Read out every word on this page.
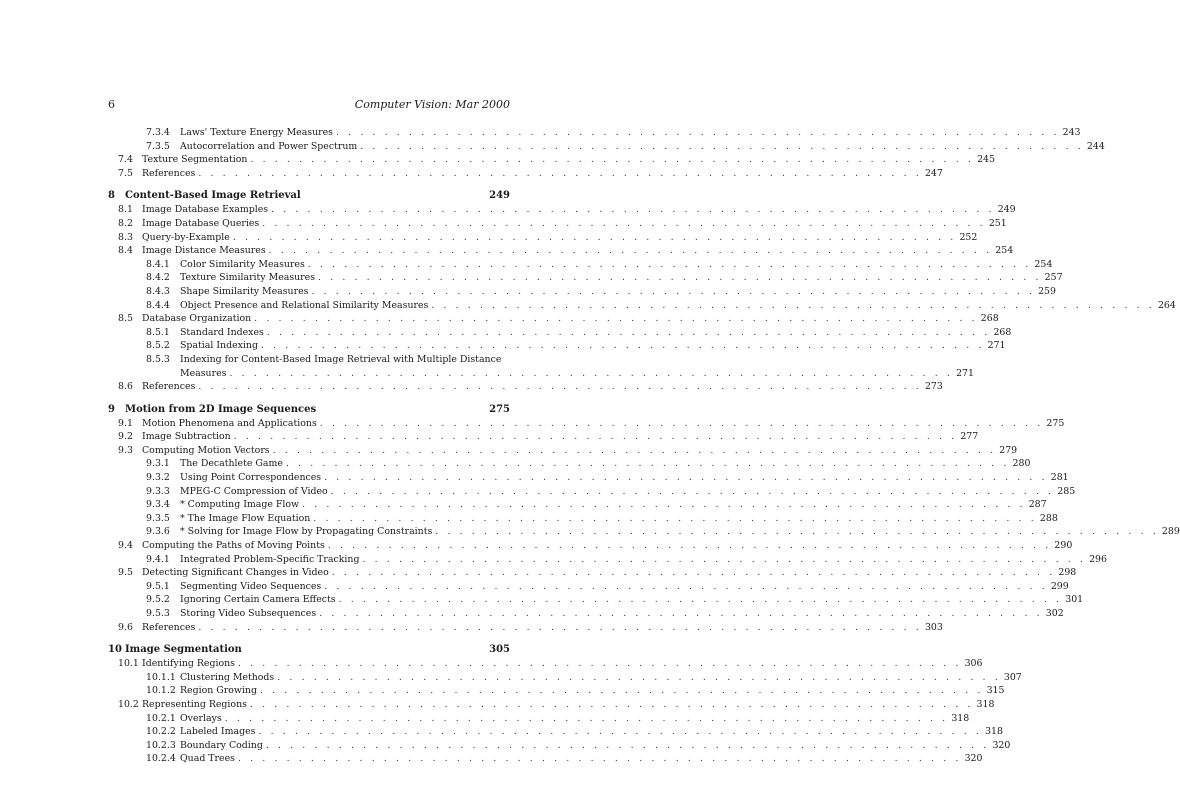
6	Computer Vision: Mar 2000
7.3.4	Laws' Texture Energy Measures . . . . . . . . . . . . . . . . . . . . . . . . . . . . . . . . . . . . . . . . . . . . . . . . . . . . . . . . . . . . 243
7.3.5	Autocorrelation and Power Spectrum . . . . . . . . . . . . . . . . . . . . . . . . . . . . . . . . . . . . . . . . . . . . . . . . . . . . . . . . . . . . 244
7.4 Texture Segmentation . . . . . . . . . . . . . . . . . . . . . . . . . . . . . . . . . . . . . . . . . . . . . . . . . . . . . . . . . . . . 245
7.5 References . . . . . . . . . . . . . . . . . . . . . . . . . . . . . . . . . . . . . . . . . . . . . . . . . . . . . . . . . . . . 247
8	Content-Based Image Retrieval	249
8.1 Image Database Examples . . . . . . . . . . . . . . . . . . . . . . . . . . . . . . . . . . . . . . . . . . . . . . . . . . . . . . . . . . . . 249
8.2 Image Database Queries . . . . . . . . . . . . . . . . . . . . . . . . . . . . . . . . . . . . . . . . . . . . . . . . . . . . . . . . . . . . 251
8.3 Query-by-Example . . . . . . . . . . . . . . . . . . . . . . . . . . . . . . . . . . . . . . . . . . . . . . . . . . . . . . . . . . . . 252
8.4 Image Distance Measures . . . . . . . . . . . . . . . . . . . . . . . . . . . . . . . . . . . . . . . . . . . . . . . . . . . . . . . . . . . . 254
8.4.1	Color Similarity Measures . . . . . . . . . . . . . . . . . . . . . . . . . . . . . . . . . . . . . . . . . . . . . . . . . . . . . . . . . . . . 254
8.4.2	Texture Similarity Measures . . . . . . . . . . . . . . . . . . . . . . . . . . . . . . . . . . . . . . . . . . . . . . . . . . . . . . . . . . . . 257
8.4.3	Shape Similarity Measures . . . . . . . . . . . . . . . . . . . . . . . . . . . . . . . . . . . . . . . . . . . . . . . . . . . . . . . . . . . . 259
8.4.4	Object Presence and Relational Similarity Measures . . . . . . . . . . . . . . . . . . . . . . . . . . . . . . . . . . . . . . . . . . . . . . . . . . . . . . . . . . . . 264
8.5 Database Organization . . . . . . . . . . . . . . . . . . . . . . . . . . . . . . . . . . . . . . . . . . . . . . . . . . . . . . . . . . . . 268
8.5.1	Standard Indexes . . . . . . . . . . . . . . . . . . . . . . . . . . . . . . . . . . . . . . . . . . . . . . . . . . . . . . . . . . . . 268
8.5.2	Spatial Indexing . . . . . . . . . . . . . . . . . . . . . . . . . . . . . . . . . . . . . . . . . . . . . . . . . . . . . . . . . . . . 271
8.5.3	Indexing for Content-Based Image Retrieval with Multiple Distance
Measures . . . . . . . . . . . . . . . . . . . . . . . . . . . . . . . . . . . . . . . . . . . . . . . . . . . . . . . . . . . . 271
8.6 References . . . . . . . . . . . . . . . . . . . . . . . . . . . . . . . . . . . . . . . . . . . . . . . . . . . . . . . . . . . . 273
9	Motion from 2D Image Sequences	275
9.1 Motion Phenomena and Applications . . . . . . . . . . . . . . . . . . . . . . . . . . . . . . . . . . . . . . . . . . . . . . . . . . . . . . . . . . . . 275
9.2 Image Subtraction . . . . . . . . . . . . . . . . . . . . . . . . . . . . . . . . . . . . . . . . . . . . . . . . . . . . . . . . . . . . 277
9.3 Computing Motion Vectors . . . . . . . . . . . . . . . . . . . . . . . . . . . . . . . . . . . . . . . . . . . . . . . . . . . . . . . . . . . . 279
9.3.1	The Decathlete Game . . . . . . . . . . . . . . . . . . . . . . . . . . . . . . . . . . . . . . . . . . . . . . . . . . . . . . . . . . . . 280
9.3.2	Using Point Correspondences . . . . . . . . . . . . . . . . . . . . . . . . . . . . . . . . . . . . . . . . . . . . . . . . . . . . . . . . . . . . 281
9.3.3	MPEG-C Compression of Video . . . . . . . . . . . . . . . . . . . . . . . . . . . . . . . . . . . . . . . . . . . . . . . . . . . . . . . . . . . . 285
9.3.4	* Computing Image Flow . . . . . . . . . . . . . . . . . . . . . . . . . . . . . . . . . . . . . . . . . . . . . . . . . . . . . . . . . . . . 287
9.3.5	* The Image Flow Equation . . . . . . . . . . . . . . . . . . . . . . . . . . . . . . . . . . . . . . . . . . . . . . . . . . . . . . . . . . . . 288
9.3.6	* Solving for Image Flow by Propagating Constraints . . . . . . . . . . . . . . . . . . . . . . . . . . . . . . . . . . . . . . . . . . . . . . . . . . . . . . . . . . . . 289
9.4 Computing the Paths of Moving Points . . . . . . . . . . . . . . . . . . . . . . . . . . . . . . . . . . . . . . . . . . . . . . . . . . . . . . . . . . . . 290
9.4.1	Integrated Problem-Specific Tracking . . . . . . . . . . . . . . . . . . . . . . . . . . . . . . . . . . . . . . . . . . . . . . . . . . . . . . . . . . . . 296
9.5 Detecting Significant Changes in Video . . . . . . . . . . . . . . . . . . . . . . . . . . . . . . . . . . . . . . . . . . . . . . . . . . . . . . . . . . . . 298
9.5.1	Segmenting Video Sequences . . . . . . . . . . . . . . . . . . . . . . . . . . . . . . . . . . . . . . . . . . . . . . . . . . . . . . . . . . . . 299
9.5.2	Ignoring Certain Camera Effects . . . . . . . . . . . . . . . . . . . . . . . . . . . . . . . . . . . . . . . . . . . . . . . . . . . . . . . . . . . . 301
9.5.3	Storing Video Subsequences . . . . . . . . . . . . . . . . . . . . . . . . . . . . . . . . . . . . . . . . . . . . . . . . . . . . . . . . . . . . 302
9.6 References . . . . . . . . . . . . . . . . . . . . . . . . . . . . . . . . . . . . . . . . . . . . . . . . . . . . . . . . . . . . 303
10 Image Segmentation	305
10.1 Identifying Regions . . . . . . . . . . . . . . . . . . . . . . . . . . . . . . . . . . . . . . . . . . . . . . . . . . . . . . . . . . . . 306
10.1.1 Clustering Methods . . . . . . . . . . . . . . . . . . . . . . . . . . . . . . . . . . . . . . . . . . . . . . . . . . . . . . . . . . . . 307
10.1.2 Region Growing . . . . . . . . . . . . . . . . . . . . . . . . . . . . . . . . . . . . . . . . . . . . . . . . . . . . . . . . . . . . 315
10.2 Representing Regions . . . . . . . . . . . . . . . . . . . . . . . . . . . . . . . . . . . . . . . . . . . . . . . . . . . . . . . . . . . . 318
10.2.1 Overlays . . . . . . . . . . . . . . . . . . . . . . . . . . . . . . . . . . . . . . . . . . . . . . . . . . . . . . . . . . . . 318
10.2.2 Labeled Images . . . . . . . . . . . . . . . . . . . . . . . . . . . . . . . . . . . . . . . . . . . . . . . . . . . . . . . . . . . . 318
10.2.3 Boundary Coding . . . . . . . . . . . . . . . . . . . . . . . . . . . . . . . . . . . . . . . . . . . . . . . . . . . . . . . . . . . . 320
10.2.4 Quad Trees . . . . . . . . . . . . . . . . . . . . . . . . . . . . . . . . . . . . . . . . . . . . . . . . . . . . . . . . . . . . 320
